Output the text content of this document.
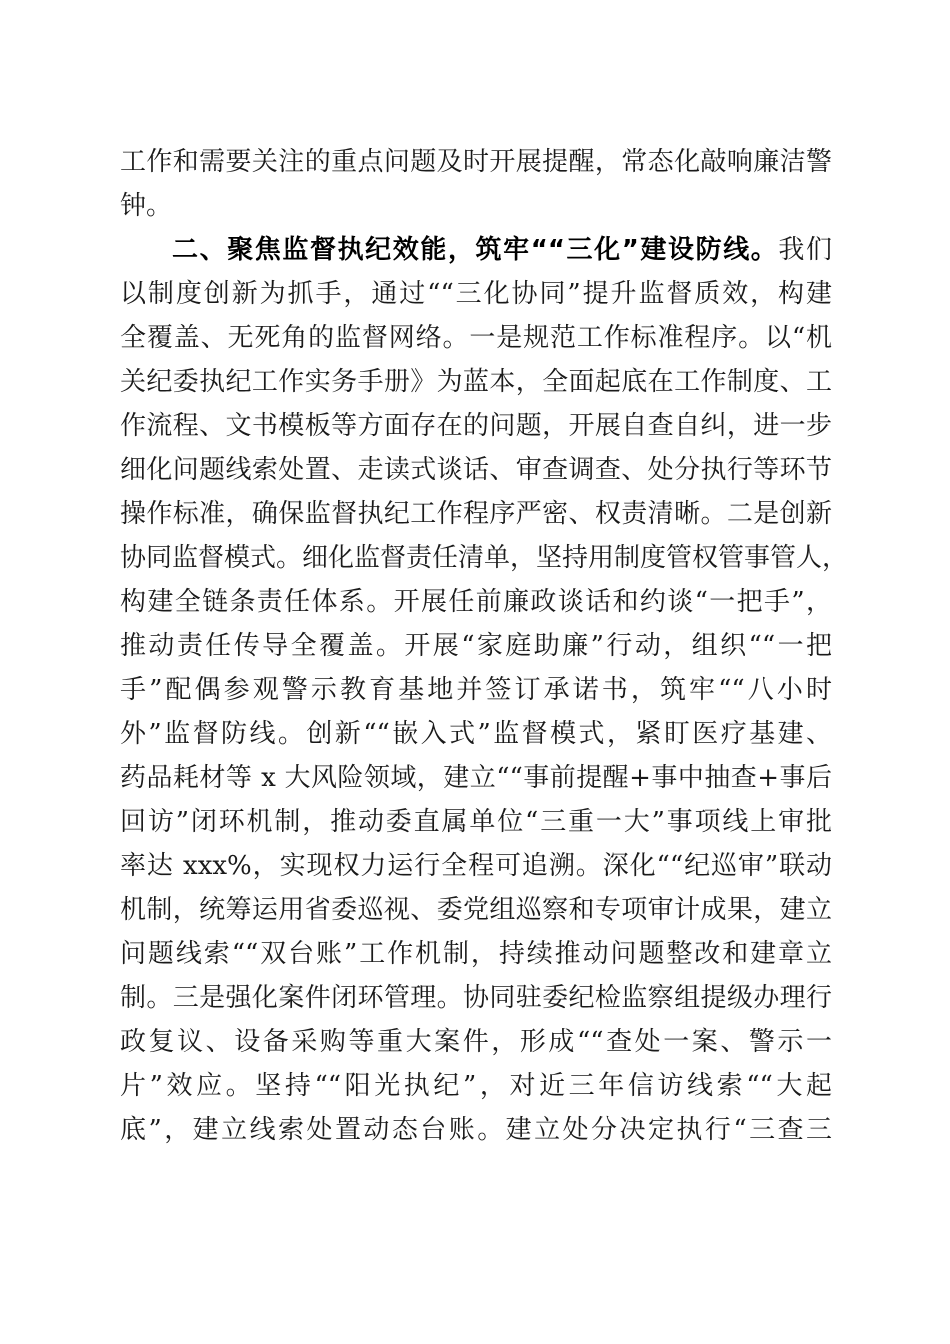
工作和需要关注的重点问题及时开展提醒，常态化敲响廉洁警
钟。
二、聚焦监督执纪效能，筑牢““三化”建设防线。我们
以制度创新为抓手，通过““三化协同”提升监督质效，构建
全覆盖、无死角的监督网络。一是规范工作标准程序。以“机
关纪委执纪工作实务手册》为蓝本，全面起底在工作制度、工
作流程、文书模板等方面存在的问题，开展自查自纠，进一步
细化问题线索处置、走读式谈话、审查调查、处分执行等环节
操作标准，确保监督执纪工作程序严密、权责清晰。二是创新
协同监督模式。细化监督责任清单，坚持用制度管权管事管人，
构建全链条责任体系。开展任前廉政谈话和约谈“一把手”，
推动责任传导全覆盖。开展“家庭助廉”行动，组织““一把
手”配偶参观警示教育基地并签订承诺书，筑牢““八小时
外”监督防线。创新““嵌入式”监督模式，紧盯医疗基建、
药品耗材等 x 大风险领域，建立““事前提醒+事中抽查+事后
回访”闭环机制，推动委直属单位“三重一大”事项线上审批
率达 xxx%，实现权力运行全程可追溯。深化““纪巡审”联动
机制，统筹运用省委巡视、委党组巡察和专项审计成果，建立
问题线索““双台账”工作机制，持续推动问题整改和建章立
制。三是强化案件闭环管理。协同驻委纪检监察组提级办理行
政复议、设备采购等重大案件，形成““查处一案、警示一
片”效应。坚持““阳光执纪”，对近三年信访线索““大起
底”，建立线索处置动态台账。建立处分决定执行“三查三
